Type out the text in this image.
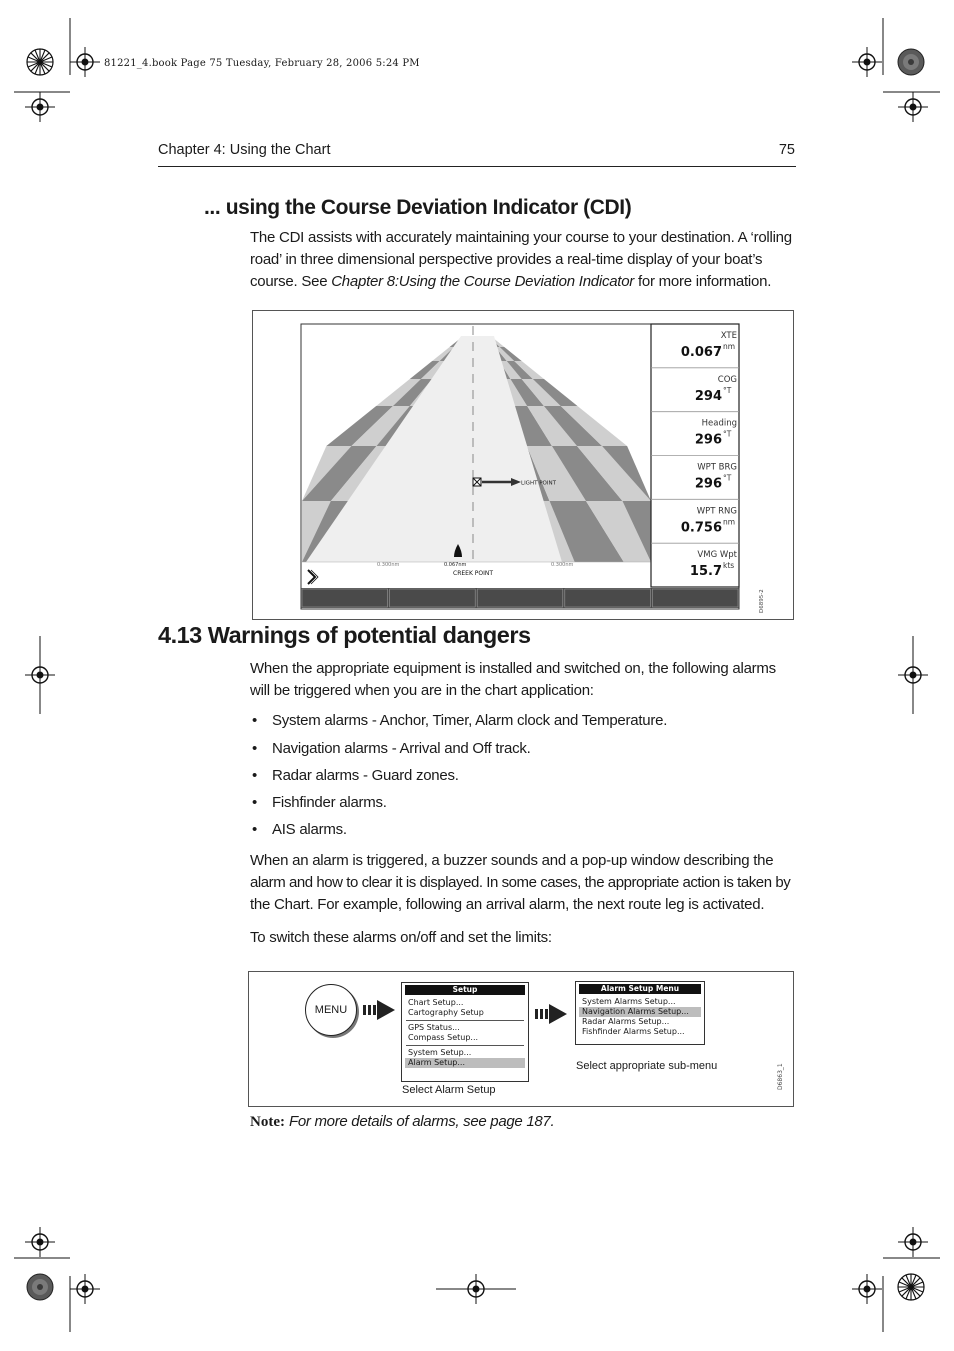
81221_4.book Page 75 Tuesday, February 28, 2006 5:24 PM
Chapter 4: Using the Chart	75
... using the Course Deviation Indicator (CDI)
The CDI assists with accurately maintaining your course to your destination. A ‘rolling
road’ in three dimensional perspective provides a real-time display of your boat’s
course. See Chapter 8:Using the Course Deviation Indicator for more information.
LIGHT POINT
0.300nm	0.067nm	0.300nm
CREEK POINT
XTE
0.067 nm
COG
294 °T
Heading
296 °T
WPT BRG
296 °T
WPT RNG
0.756 nm
VMG Wpt
15.7 kts
D6895-2
4.13 Warnings of potential dangers
When the appropriate equipment is installed and switched on, the following alarms
will be triggered when you are in the chart application:
• System alarms - Anchor, Timer, Alarm clock and Temperature.
• Navigation alarms - Arrival and Off track.
• Radar alarms - Guard zones.
• Fishfinder alarms.
• AIS alarms.
When an alarm is triggered, a buzzer sounds and a pop-up window describing the
alarm and how to clear it is displayed. In some cases, the appropriate action is taken by
the Chart. For example, following an arrival alarm, the next route leg is activated.
To switch these alarms on/off and set the limits:
MENU
Setup
Chart Setup...
Cartography Setup
GPS Status...
Compass Setup...
System Setup...
Alarm Setup...
Select Alarm Setup
Alarm Setup Menu
System Alarms Setup...
Navigation Alarms Setup...
Radar Alarms Setup...
Fishfinder Alarms Setup...
Select appropriate sub-menu	D6863_1
Note: For more details of alarms, see page 187.
